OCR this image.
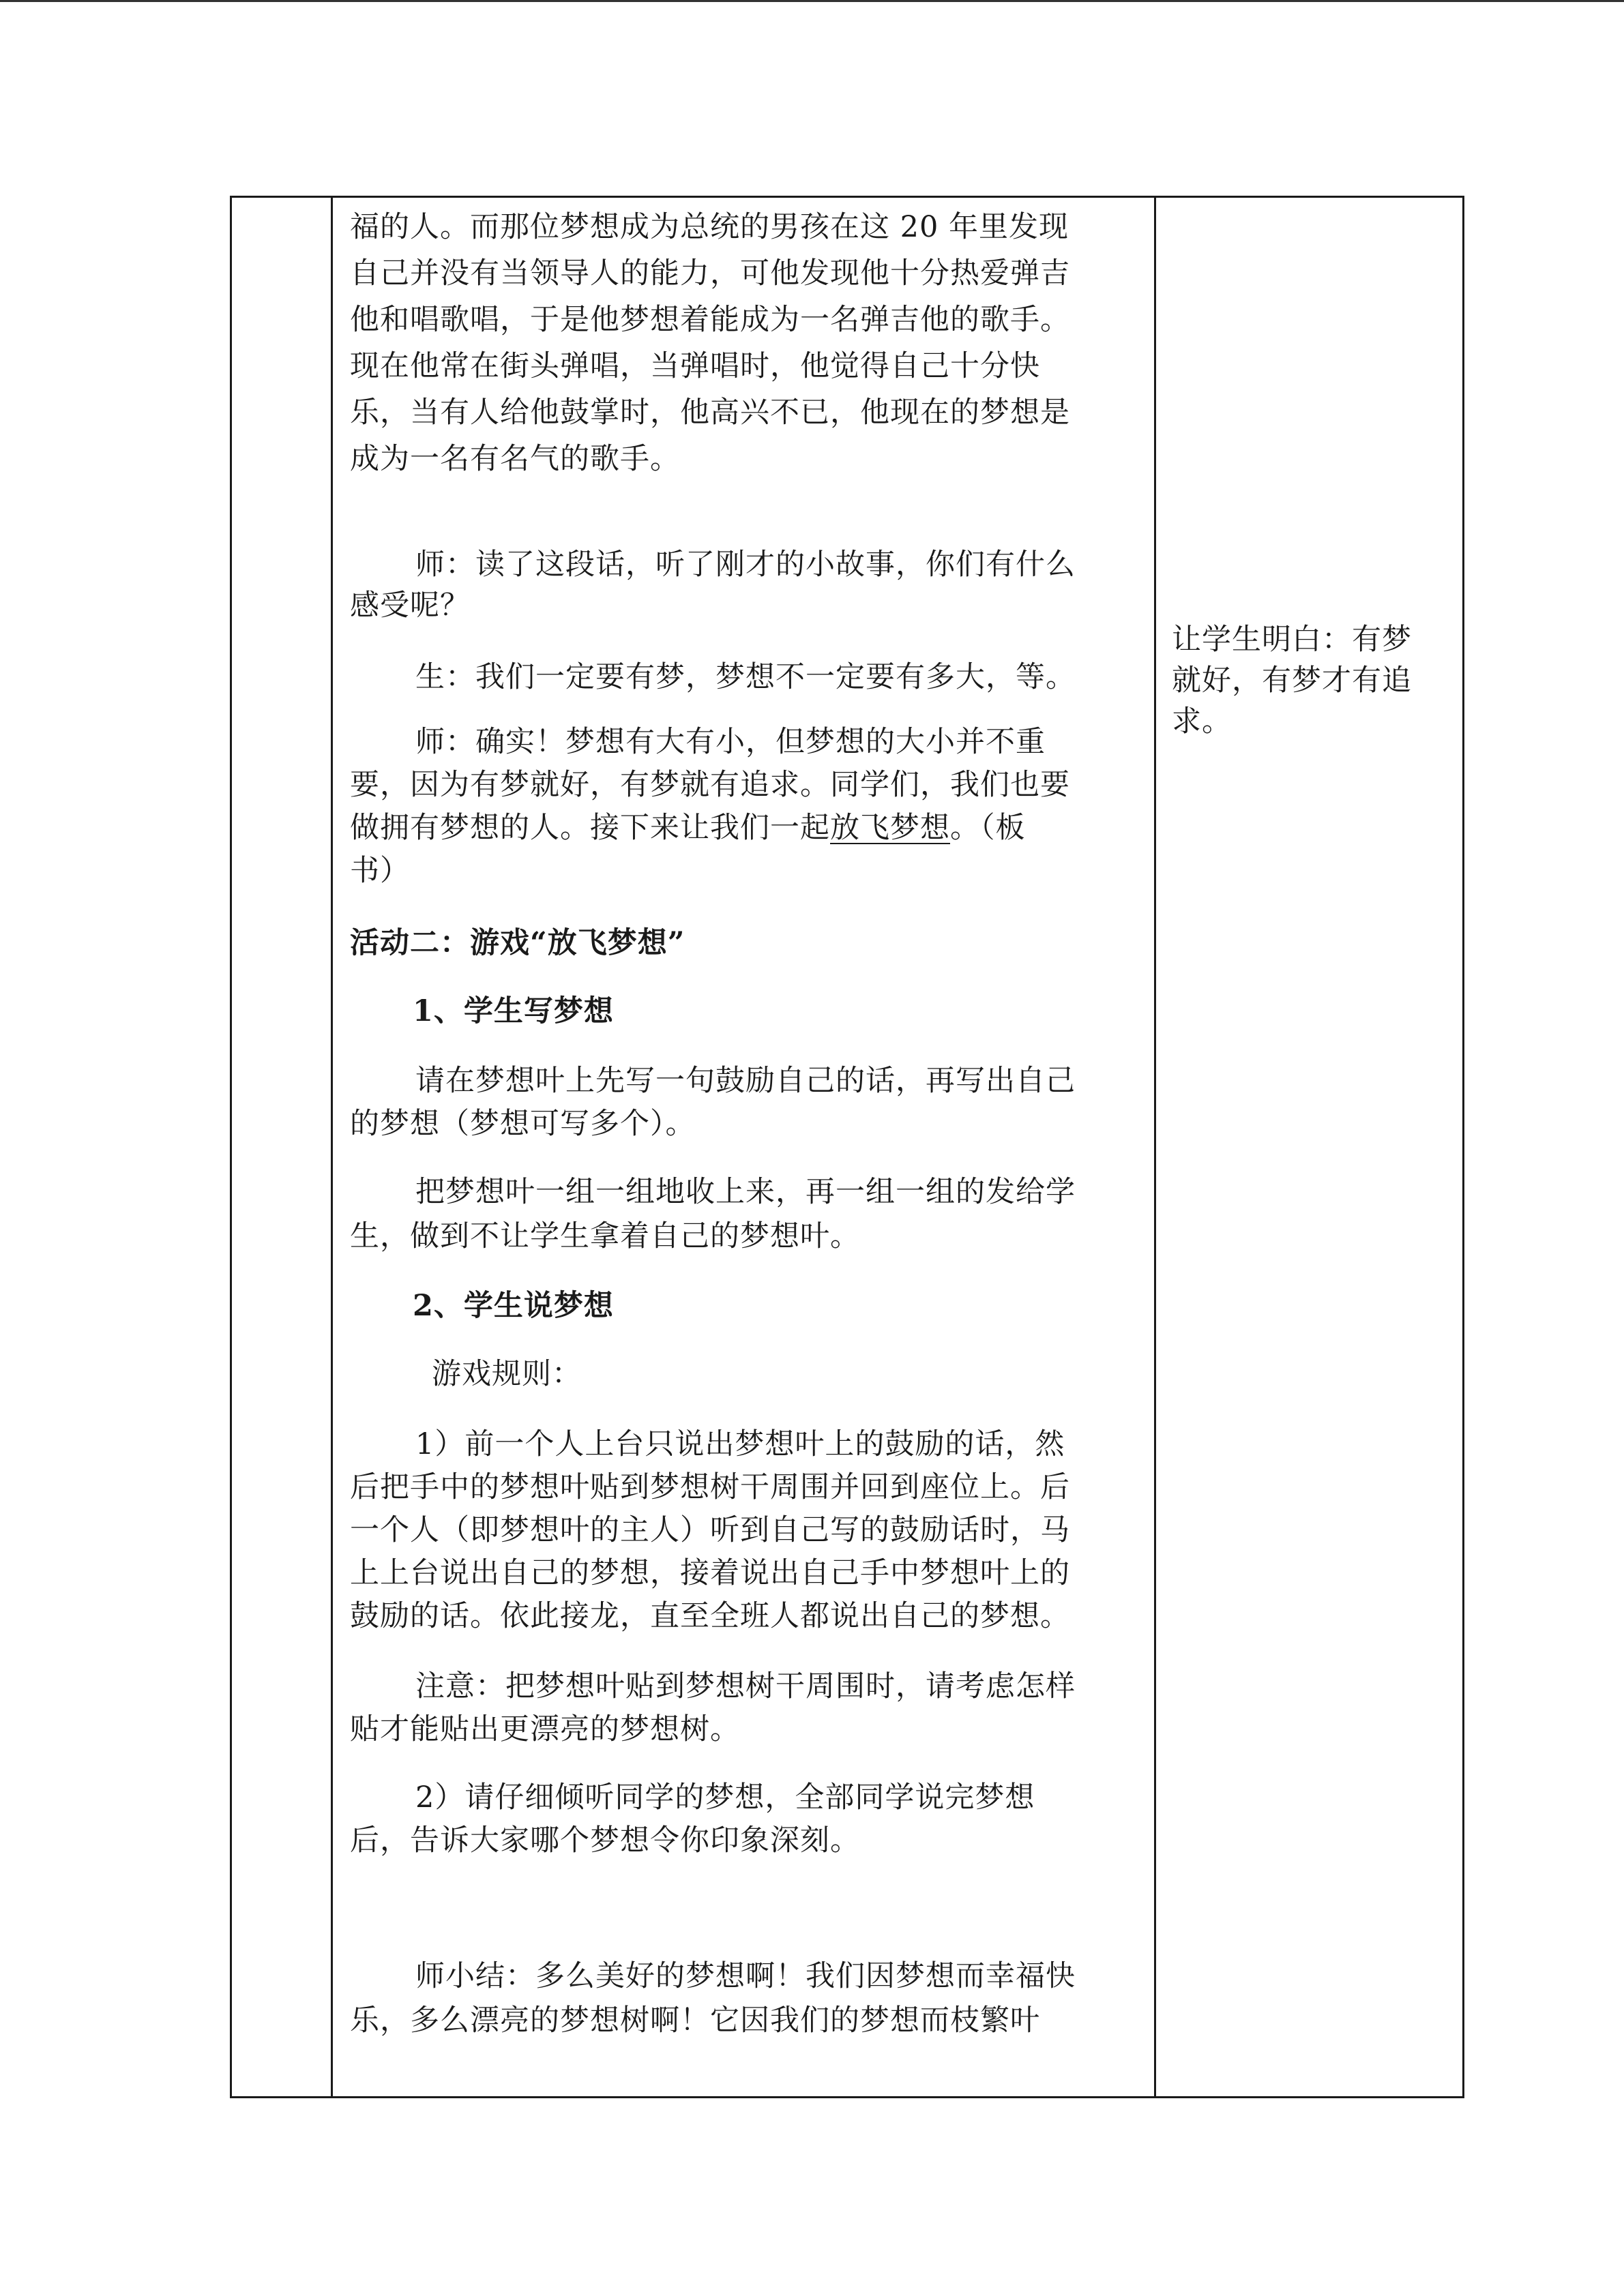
福的人。而那位梦想成为总统的男孩在这 20 年里发现
自己并没有当领导人的能力，可他发现他十分热爱弹吉
他和唱歌唱，于是他梦想着能成为一名弹吉他的歌手。
现在他常在街头弹唱，当弹唱时，他觉得自己十分快
乐，当有人给他鼓掌时，他高兴不已，他现在的梦想是
成为一名有名气的歌手。
师：读了这段话，听了刚才的小故事，你们有什么
感受呢？
生：我们一定要有梦，梦想不一定要有多大，等。
师：确实！梦想有大有小，但梦想的大小并不重
要，因为有梦就好，有梦就有追求。同学们，我们也要
做拥有梦想的人。接下来让我们一起放飞梦想。（板
书）
活动二：游戏“放飞梦想”
1、学生写梦想
请在梦想叶上先写一句鼓励自己的话，再写出自己
的梦想（梦想可写多个）。
把梦想叶一组一组地收上来，再一组一组的发给学
生，做到不让学生拿着自己的梦想叶。
2、学生说梦想
游戏规则：
1）前一个人上台只说出梦想叶上的鼓励的话，然
后把手中的梦想叶贴到梦想树干周围并回到座位上。后
一个人（即梦想叶的主人）听到自己写的鼓励话时，马
上上台说出自己的梦想，接着说出自己手中梦想叶上的
鼓励的话。依此接龙，直至全班人都说出自己的梦想。
注意：把梦想叶贴到梦想树干周围时，请考虑怎样
贴才能贴出更漂亮的梦想树。
2）请仔细倾听同学的梦想，全部同学说完梦想
后，告诉大家哪个梦想令你印象深刻。
师小结：多么美好的梦想啊！我们因梦想而幸福快
乐，多么漂亮的梦想树啊！它因我们的梦想而枝繁叶
让学生明白：有梦
就好，有梦才有追
求。
